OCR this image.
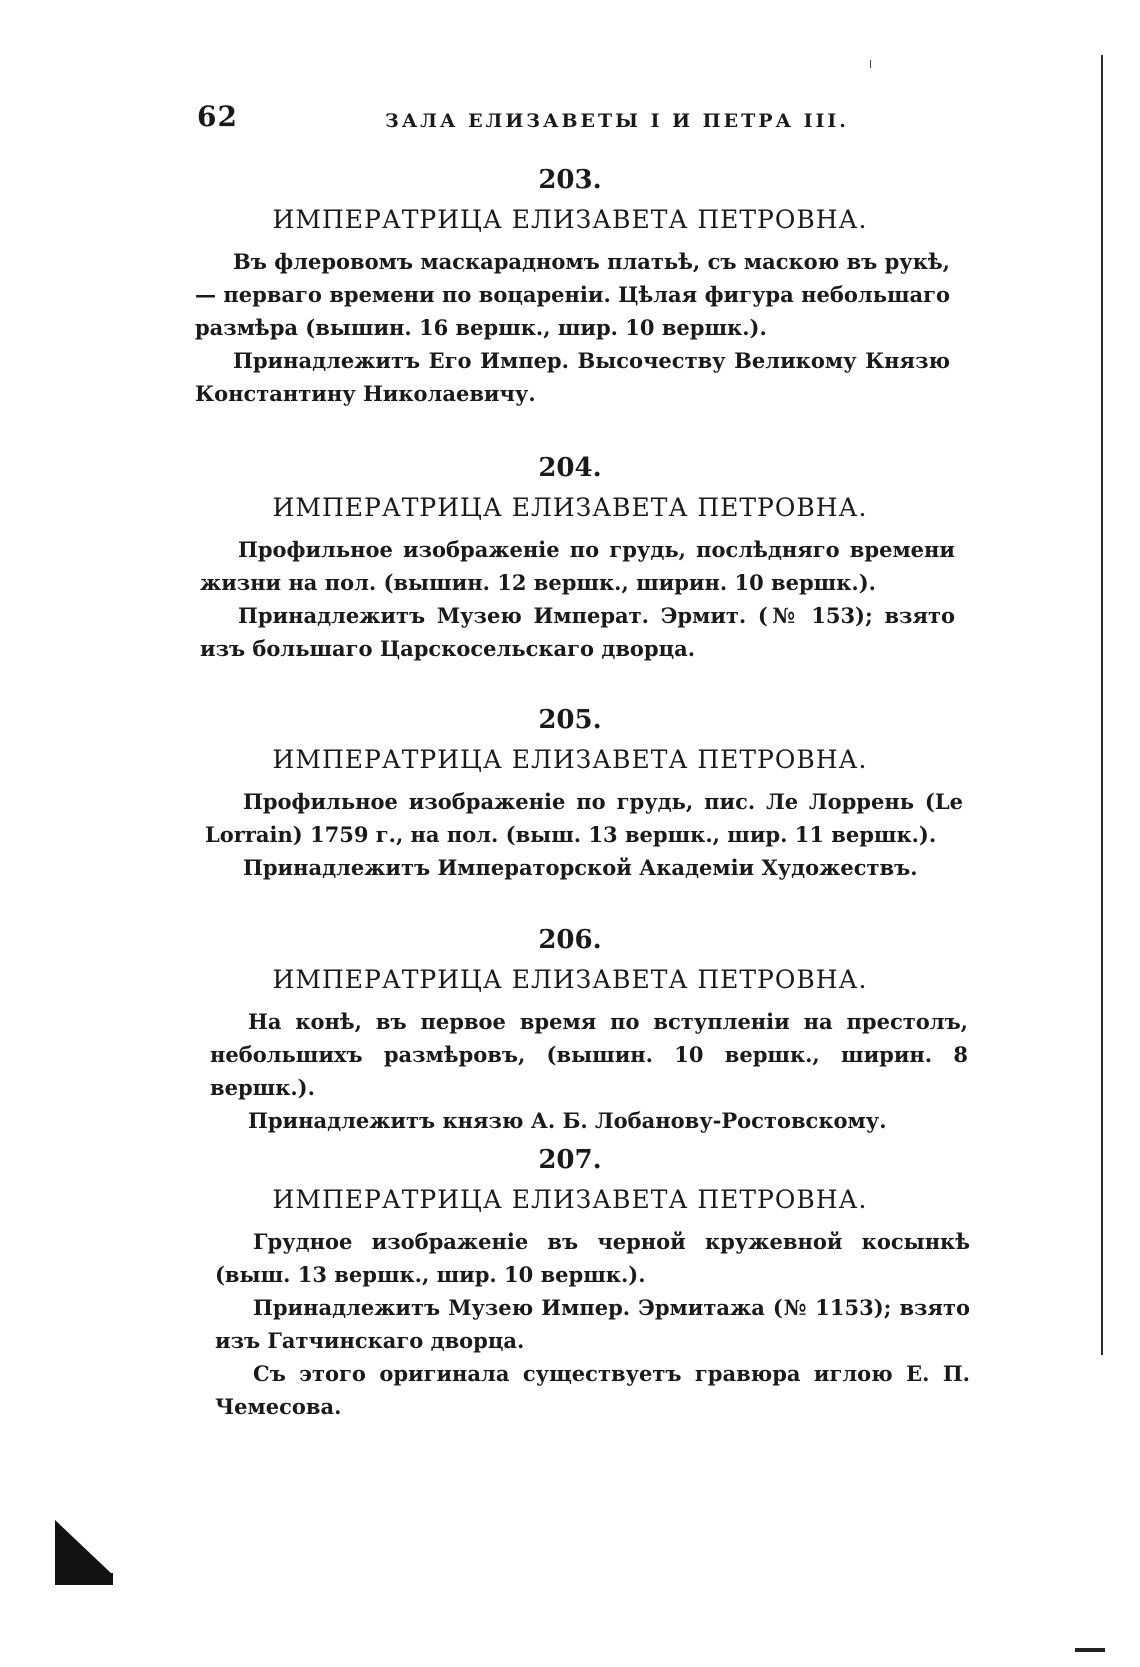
62	ЗАЛА ЕЛИЗАВЕТЫ I И ПЕТРА III.
203.
ИМПЕРАТРИЦА ЕЛИЗАВЕТА ПЕТРОВНА.

Въ флеровомъ маскарадномъ платьѣ, съ маскою въ рукѣ,— перваго времени по воцареніи. Цѣлая фигура небольшаго размѣра (вышин. 16 вершк., шир. 10 вершк.).

Принадлежитъ Его Импер. Высочеству Великому Князю Константину Николаевичу.

204.
ИМПЕРАТРИЦА ЕЛИЗАВЕТА ПЕТРОВНА.

Профильное изображеніе по грудь, послѣдняго времени жизни на пол. (вышин. 12 вершк., ширин. 10 вершк.).

Принадлежитъ Музею Императ. Эрмит. (№ 153); взято изъ большаго Царскосельскаго дворца.

205.
ИМПЕРАТРИЦА ЕЛИЗАВЕТА ПЕТРОВНА.

Профильное изображеніе по грудь, пис. Ле Лоррень (Le Lorrain) 1759 г., на пол. (выш. 13 вершк., шир. 11 вершк.).

Принадлежитъ Императорской Академіи Художествъ.

206.
ИМПЕРАТРИЦА ЕЛИЗАВЕТА ПЕТРОВНА.

На конѣ, въ первое время по вступленіи на престолъ, небольшихъ размѣровъ, (вышин. 10 вершк., ширин. 8 вершк.).

Принадлежитъ князю А. Б. Лобанову-Ростовскому.

207.
ИМПЕРАТРИЦА ЕЛИЗАВЕТА ПЕТРОВНА.

Грудное изображеніе въ черной кружевной косынкѣ (выш. 13 вершк., шир. 10 вершк.).

Принадлежитъ Музею Импер. Эрмитажа (№ 1153); взято изъ Гатчинскаго дворца.

Съ этого оригинала существуетъ гравюра иглою Е. П. Чемесова.
